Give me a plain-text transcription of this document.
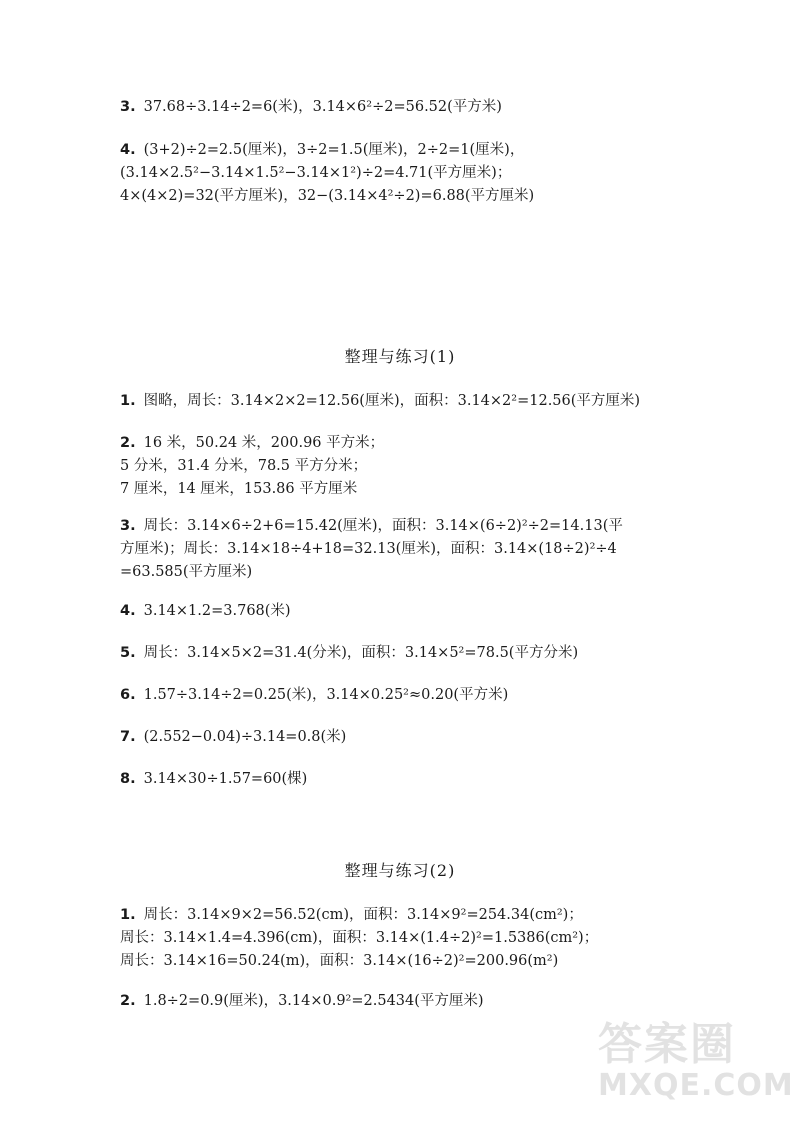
3. 37.68÷3.14÷2=6(米)，3.14×6²÷2=56.52(平方米)
4. (3+2)÷2=2.5(厘米)，3÷2=1.5(厘米)，2÷2=1(厘米)，
(3.14×2.5²−3.14×1.5²−3.14×1²)÷2=4.71(平方厘米)；
4×(4×2)=32(平方厘米)，32−(3.14×4²÷2)=6.88(平方厘米)
整理与练习(1)
1. 图略，周长：3.14×2×2=12.56(厘米)，面积：3.14×2²=12.56(平方厘米)
2. 16 米，50.24 米，200.96 平方米；
5 分米，31.4 分米，78.5 平方分米；
7 厘米，14 厘米，153.86 平方厘米
3. 周长：3.14×6÷2+6=15.42(厘米)，面积：3.14×(6÷2)²÷2=14.13(平
方厘米)；周长：3.14×18÷4+18=32.13(厘米)，面积：3.14×(18÷2)²÷4
=63.585(平方厘米)
4. 3.14×1.2=3.768(米)
5. 周长：3.14×5×2=31.4(分米)，面积：3.14×5²=78.5(平方分米)
6. 1.57÷3.14÷2=0.25(米)，3.14×0.25²≈0.20(平方米)
7. (2.552−0.04)÷3.14=0.8(米)
8. 3.14×30÷1.57=60(棵)
整理与练习(2)
1. 周长：3.14×9×2=56.52(cm)，面积：3.14×9²=254.34(cm²)；
周长：3.14×1.4=4.396(cm)，面积：3.14×(1.4÷2)²=1.5386(cm²)；
周长：3.14×16=50.24(m)，面积：3.14×(16÷2)²=200.96(m²)
2. 1.8÷2=0.9(厘米)，3.14×0.9²=2.5434(平方厘米)
答案圈
MXQE.COM
